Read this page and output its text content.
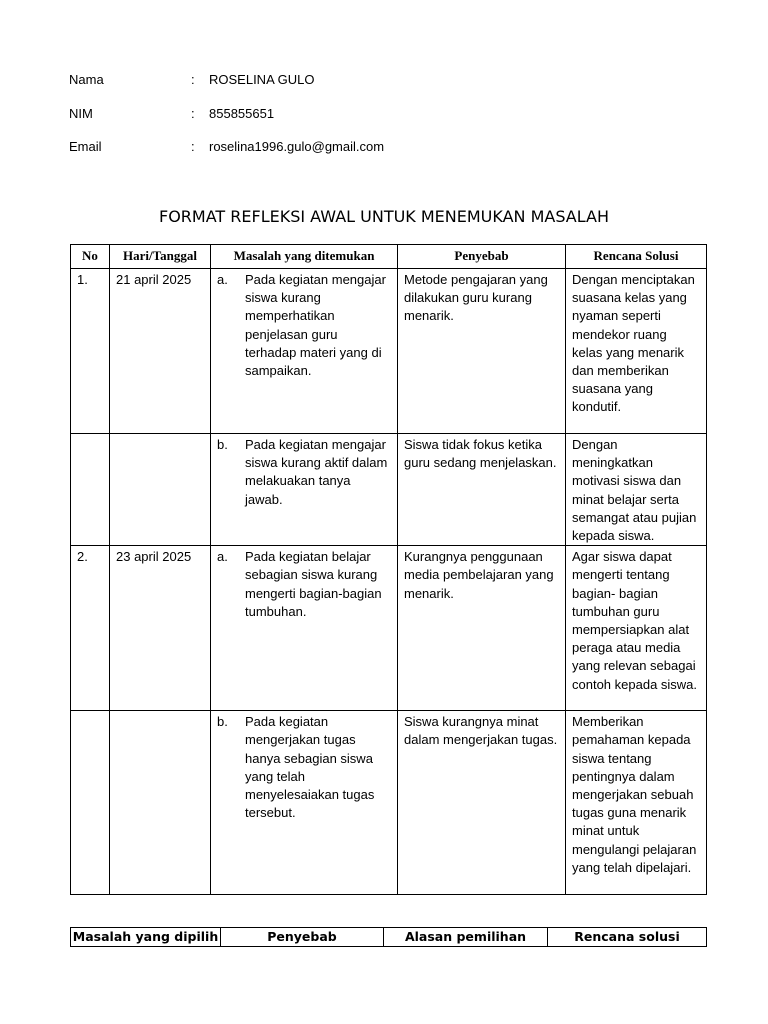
Nama	: ROSELINA GULO
NIM	: 855855651
Email	: roselina1996.gulo@gmail.com
FORMAT REFLEKSI AWAL UNTUK MENEMUKAN MASALAH
No	Hari/Tanggal	Masalah yang ditemukan	Penyebab	Rencana Solusi
1.	21 april 2025	a. Pada kegiatan mengajar siswa kurang memperhatikan penjelasan guru terhadap materi yang di sampaikan.	Metode pengajaran yang dilakukan guru kurang menarik.	Dengan menciptakan suasana kelas yang nyaman seperti mendekor ruang kelas yang menarik dan memberikan suasana yang kondutif.

		b. Pada kegiatan mengajar siswa kurang aktif dalam melakuakan tanya jawab.	Siswa tidak fokus ketika guru sedang menjelaskan.	Dengan meningkatkan motivasi siswa dan minat belajar serta semangat atau pujian kepada siswa.
2.	23 april 2025	a. Pada kegiatan belajar sebagian siswa kurang mengerti bagian-bagian tumbuhan.	Kurangnya penggunaan media pembelajaran yang menarik.	Agar siswa dapat mengerti tentang bagian- bagian tumbuhan guru mempersiapkan alat peraga atau media yang relevan sebagai contoh kepada siswa.

		b. Pada kegiatan mengerjakan tugas hanya sebagian siswa yang telah menyelesaiakan tugas tersebut.	Siswa kurangnya minat dalam mengerjakan tugas.	Memberikan pemahaman kepada siswa tentang pentingnya dalam mengerjakan sebuah tugas guna menarik minat untuk mengulangi pelajaran yang telah dipelajari.
Masalah yang dipilih	Penyebab	Alasan pemilihan	Rencana solusi
